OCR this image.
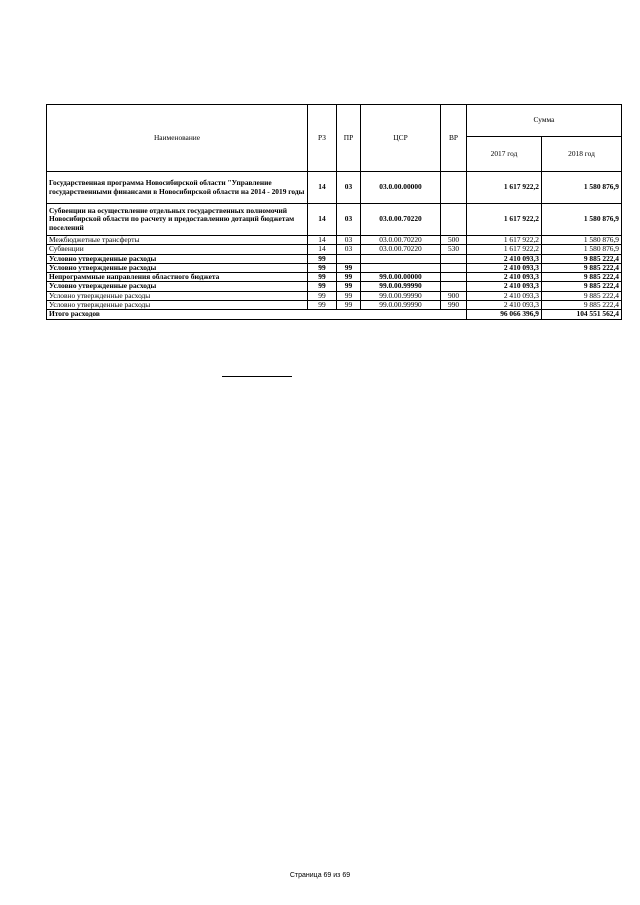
Наименование	РЗ	ПР	ЦСР	ВР	Сумма	
					2017 год	2018 год
Государственная программа Новосибирской области "Управление государственными финансами в Новосибирской области на 2014 - 2019 годы	14	03	03.0.00.00000		1 617 922,2	1 580 876,9
Субвенции на осуществление отдельных государственных полномочий Новосибирской области по расчету и предоставлению дотаций бюджетам поселений	14	03	03.0.00.70220		1 617 922,2	1 580 876,9
Межбюджетные трансферты	14	03	03.0.00.70220	500	1 617 922,2	1 580 876,9
Субвенции	14	03	03.0.00.70220	530	1 617 922,2	1 580 876,9
Условно утвержденные расходы	99				2 410 093,3	9 885 222,4
Условно утвержденные расходы	99	99			2 410 093,3	9 885 222,4
Непрограммные направления областного бюджета	99	99	99.0.00.00000		2 410 093,3	9 885 222,4
Условно утвержденные расходы	99	99	99.0.00.99990		2 410 093,3	9 885 222,4
Условно утвержденные расходы	99	99	99.0.00.99990	900	2 410 093,3	9 885 222,4
Условно утвержденные расходы	99	99	99.0.00.99990	990	2 410 093,3	9 885 222,4
Итого расходов					96 066 396,9	104 551 562,4
Страница 69 из 69
